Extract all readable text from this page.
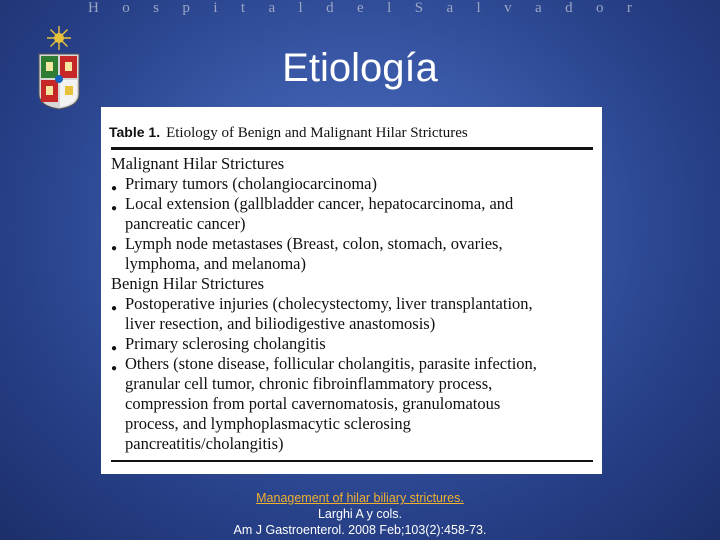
H o s p i t a l d e l S a l v a d o r
Etiología
Table 1. Etiology of Benign and Malignant Hilar Strictures
Malignant Hilar Strictures
● Primary tumors (cholangiocarcinoma)
● Local extension (gallbladder cancer, hepatocarcinoma, and
pancreatic cancer)
● Lymph node metastases (Breast, colon, stomach, ovaries,
lymphoma, and melanoma)
Benign Hilar Strictures
● Postoperative injuries (cholecystectomy, liver transplantation,
liver resection, and biliodigestive anastomosis)
● Primary sclerosing cholangitis
● Others (stone disease, follicular cholangitis, parasite infection,
granular cell tumor, chronic fibroinflammatory process,
compression from portal cavernomatosis, granulomatous
process, and lymphoplasmacytic sclerosing
pancreatitis/cholangitis)
Management of hilar biliary strictures.
Larghi A y cols.
Am J Gastroenterol. 2008 Feb;103(2):458-73.
